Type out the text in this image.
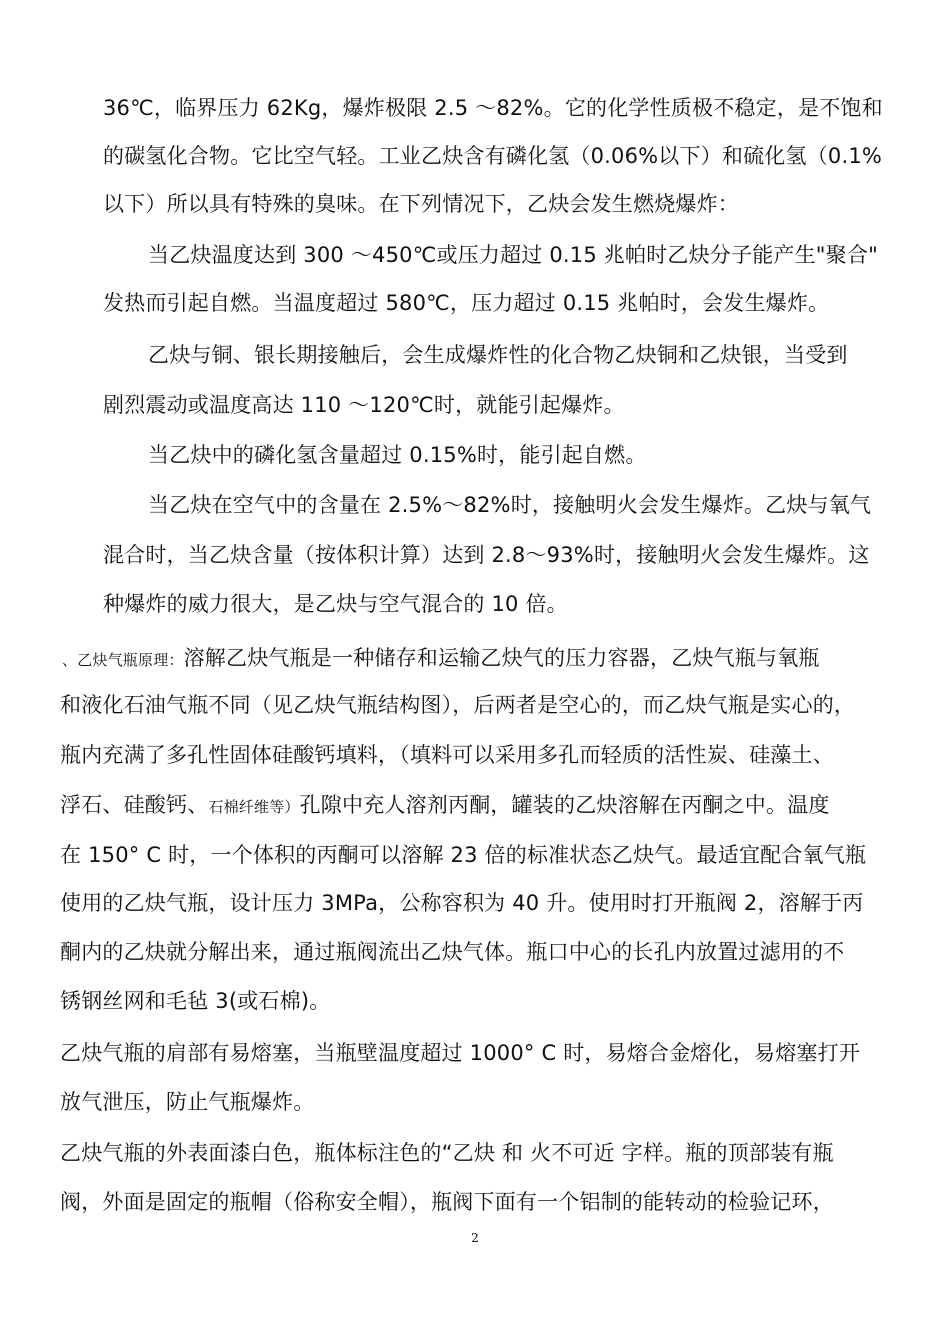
36℃，临界压力 62Kg，爆炸极限 2.5 ～82%。它的化学性质极不稳定，是不饱和
的碳氢化合物。它比空气轻。工业乙炔含有磷化氢（0.06%以下）和硫化氢（0.1%
以下）所以具有特殊的臭味。在下列情况下，乙炔会发生燃烧爆炸：
当乙炔温度达到 300 ～450℃或压力超过 0.15 兆帕时乙炔分子能产生"聚合"
发热而引起自燃。当温度超过 580℃，压力超过 0.15 兆帕时，会发生爆炸。
乙炔与铜、银长期接触后，会生成爆炸性的化合物乙炔铜和乙炔银，当受到
剧烈震动或温度高达 110 ～120℃时，就能引起爆炸。
当乙炔中的磷化氢含量超过 0.15%时，能引起自燃。
当乙炔在空气中的含量在 2.5%～82%时，接触明火会发生爆炸。乙炔与氧气
混合时，当乙炔含量（按体积计算）达到 2.8～93%时，接触明火会发生爆炸。这
种爆炸的威力很大，是乙炔与空气混合的 10 倍。
、乙炔气瓶原理：溶解乙炔气瓶是一种储存和运输乙炔气的压力容器，乙炔气瓶与氧瓶
和液化石油气瓶不同（见乙炔气瓶结构图），后两者是空心的，而乙炔气瓶是实心的，
瓶内充满了多孔性固体硅酸钙填料，（填料可以采用多孔而轻质的活性炭、硅藻土、
浮石、硅酸钙、石棉纤维等）孔隙中充人溶剂丙酮，罐装的乙炔溶解在丙酮之中。温度
在 150° C 时，一个体积的丙酮可以溶解 23 倍的标准状态乙炔气。最适宜配合氧气瓶
使用的乙炔气瓶，设计压力 3MPa，公称容积为 40 升。使用时打开瓶阀 2，溶解于丙
酮内的乙炔就分解出来，通过瓶阀流出乙炔气体。瓶口中心的长孔内放置过滤用的不
锈钢丝网和毛毡 3(或石棉)。
乙炔气瓶的肩部有易熔塞，当瓶壁温度超过 1000° C 时，易熔合金熔化，易熔塞打开
放气泄压，防止气瓶爆炸。
乙炔气瓶的外表面漆白色，瓶体标注色的“乙炔 和 火不可近 字样。瓶的顶部装有瓶
阀，外面是固定的瓶帽（俗称安全帽），瓶阀下面有一个铝制的能转动的检验记环，
2
